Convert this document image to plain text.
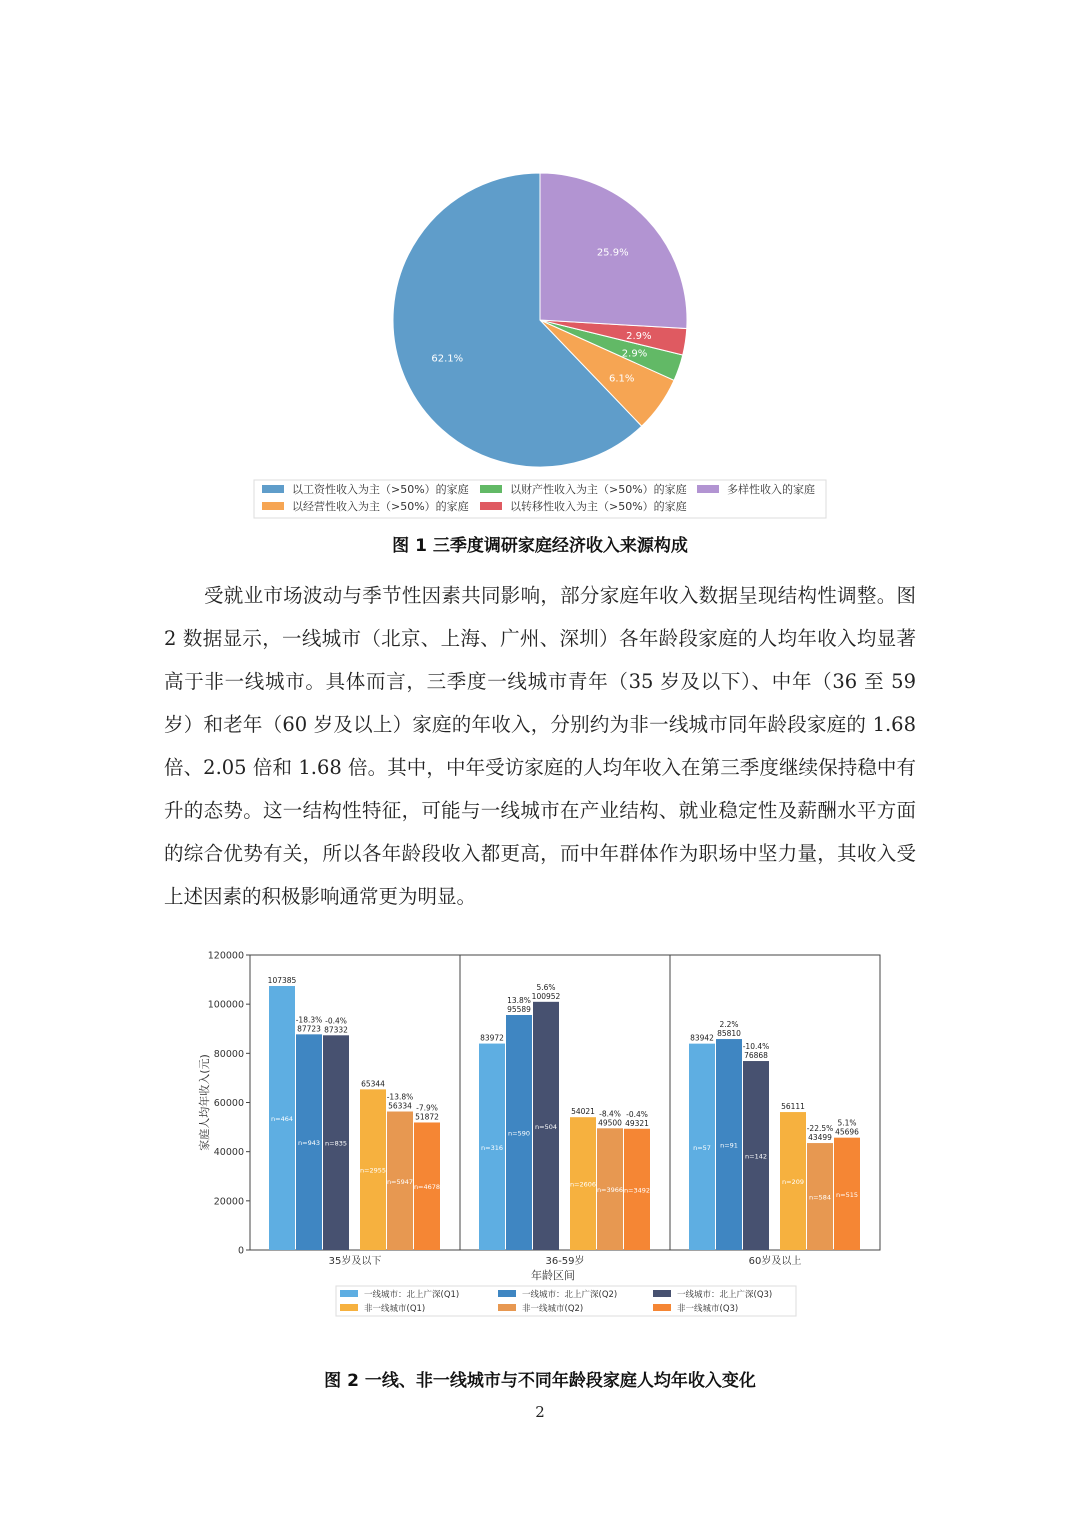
62.1%
6.1%
2.9%
2.9%
25.9%
以工资性收入为主（>50%）的家庭	以财产性收入为主（>50%）的家庭	多样性收入的家庭
以经营性收入为主（>50%）的家庭	以转移性收入为主（>50%）的家庭
图 1 三季度调研家庭经济收入来源构成

受就业市场波动与季节性因素共同影响，部分家庭年收入数据呈现结构性调整。图 2 数据显示，一线城市（北京、上海、广州、深圳）各年龄段家庭的人均年收入均显著高于非一线城市。具体而言，三季度一线城市青年（35 岁及以下）、中年（36 至 59 岁）和老年（60 岁及以上）家庭的年收入，分别约为非一线城市同年龄段家庭的 1.68 倍、2.05 倍和 1.68 倍。其中，中年受访家庭的人均年收入在第三季度继续保持稳中有升的态势。这一结构性特征，可能与一线城市在产业结构、就业稳定性及薪酬水平方面的综合优势有关，所以各年龄段收入都更高，而中年群体作为职场中坚力量，其收入受上述因素的积极影响通常更为明显。

0
20000
40000
60000
80000
100000
120000
家庭人均年收入(元)
107385
n=464
87723
-18.3%
n=943
87332
-0.4%
n=835
65344
n=2955
56334
-13.8%
n=5947
51872
-7.9%
n=4678
35岁及以下
83972
n=316
95589
13.8%
n=590
100952
5.6%
n=504
54021
n=2606
49500
-8.4%
n=3966
49321
-0.4%
n=3492
36-59岁
83942
n=57
85810
2.2%
n=91
76868
-10.4%
n=142
56111
n=209
43499
-22.5%
n=584
45696
5.1%
n=515
60岁及以上
年龄区间
一线城市：北上广深(Q1)	一线城市：北上广深(Q2)	一线城市：北上广深(Q3)
非一线城市(Q1)	非一线城市(Q2)	非一线城市(Q3)
图 2 一线、非一线城市与不同年龄段家庭人均年收入变化
2
